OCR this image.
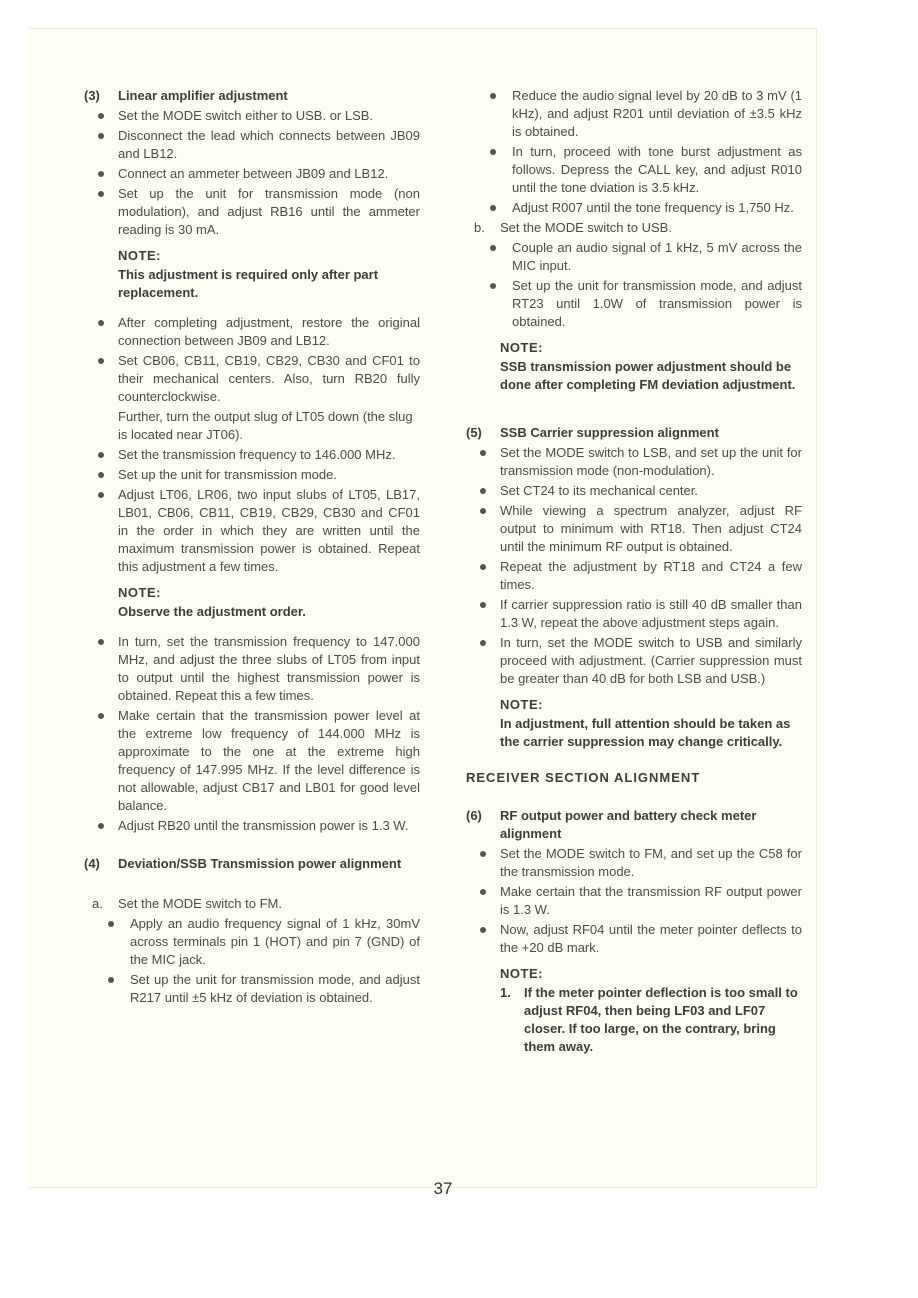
(3)	Linear amplifier adjustment
Set the MODE switch either to USB. or LSB.
Disconnect the lead which connects between JB09 and LB12.
Connect an ammeter between JB09 and LB12.
Set up the unit for transmission mode (non modulation), and adjust RB16 until the ammeter reading is 30 mA.
NOTE:
This adjustment is required only after part replacement.
After completing adjustment, restore the original connection between JB09 and LB12.
Set CB06, CB11, CB19, CB29, CB30 and CF01 to their mechanical centers. Also, turn RB20 fully counterclockwise.
Further, turn the output slug of LT05 down (the slug is located near JT06).
Set the transmission frequency to 146.000 MHz.
Set up the unit for transmission mode.
Adjust LT06, LR06, two input slubs of LT05, LB17, LB01, CB06, CB11, CB19, CB29, CB30 and CF01 in the order in which they are written until the maximum transmission power is obtained. Repeat this adjustment a few times.
NOTE:
Observe the adjustment order.
In turn, set the transmission frequency to 147.000 MHz, and adjust the three slubs of LT05 from input to output until the highest transmission power is obtained. Repeat this a few times.
Make certain that the transmission power level at the extreme low frequency of 144.000 MHz is approximate to the one at the extreme high frequency of 147.995 MHz. If the level difference is not allowable, adjust CB17 and LB01 for good level balance.
Adjust RB20 until the transmission power is 1.3 W.
(4)	Deviation/SSB Transmission power alignment
a.	Set the MODE switch to FM.
Apply an audio frequency signal of 1 kHz, 30mV across terminals pin 1 (HOT) and pin 7 (GND) of the MIC jack.
Set up the unit for transmission mode, and adjust R217 until ±5 kHz of deviation is obtained.
Reduce the audio signal level by 20 dB to 3 mV (1 kHz), and adjust R201 until deviation of ±3.5 kHz is obtained.
In turn, proceed with tone burst adjustment as follows. Depress the CALL key, and adjust R010 until the tone dviation is 3.5 kHz.
Adjust R007 until the tone frequency is 1,750 Hz.
b.	Set the MODE switch to USB.
Couple an audio signal of 1 kHz, 5 mV across the MIC input.
Set up the unit for transmission mode, and adjust RT23 until 1.0W of transmission power is obtained.
NOTE:
SSB transmission power adjustment should be done after completing FM deviation adjustment.
(5)	SSB Carrier suppression alignment
Set the MODE switch to LSB, and set up the unit for transmission mode (non-modulation).
Set CT24 to its mechanical center.
While viewing a spectrum analyzer, adjust RF output to minimum with RT18. Then adjust CT24 until the minimum RF output is obtained.
Repeat the adjustment by RT18 and CT24 a few times.
If carrier suppression ratio is still 40 dB smaller than 1.3 W, repeat the above adjustment steps again.
In turn, set the MODE switch to USB and similarly proceed with adjustment. (Carrier suppression must be greater than 40 dB for both LSB and USB.)
NOTE:
In adjustment, full attention should be taken as the carrier suppression may change critically.
RECEIVER SECTION ALIGNMENT
(6)	RF output power and battery check meter alignment
Set the MODE switch to FM, and set up the C58 for the transmission mode.
Make certain that the transmission RF output power is 1.3 W.
Now, adjust RF04 until the meter pointer deflects to the +20 dB mark.
NOTE:
1.	If the meter pointer deflection is too small to adjust RF04, then being LF03 and LF07 closer. If too large, on the contrary, bring them away.
37
